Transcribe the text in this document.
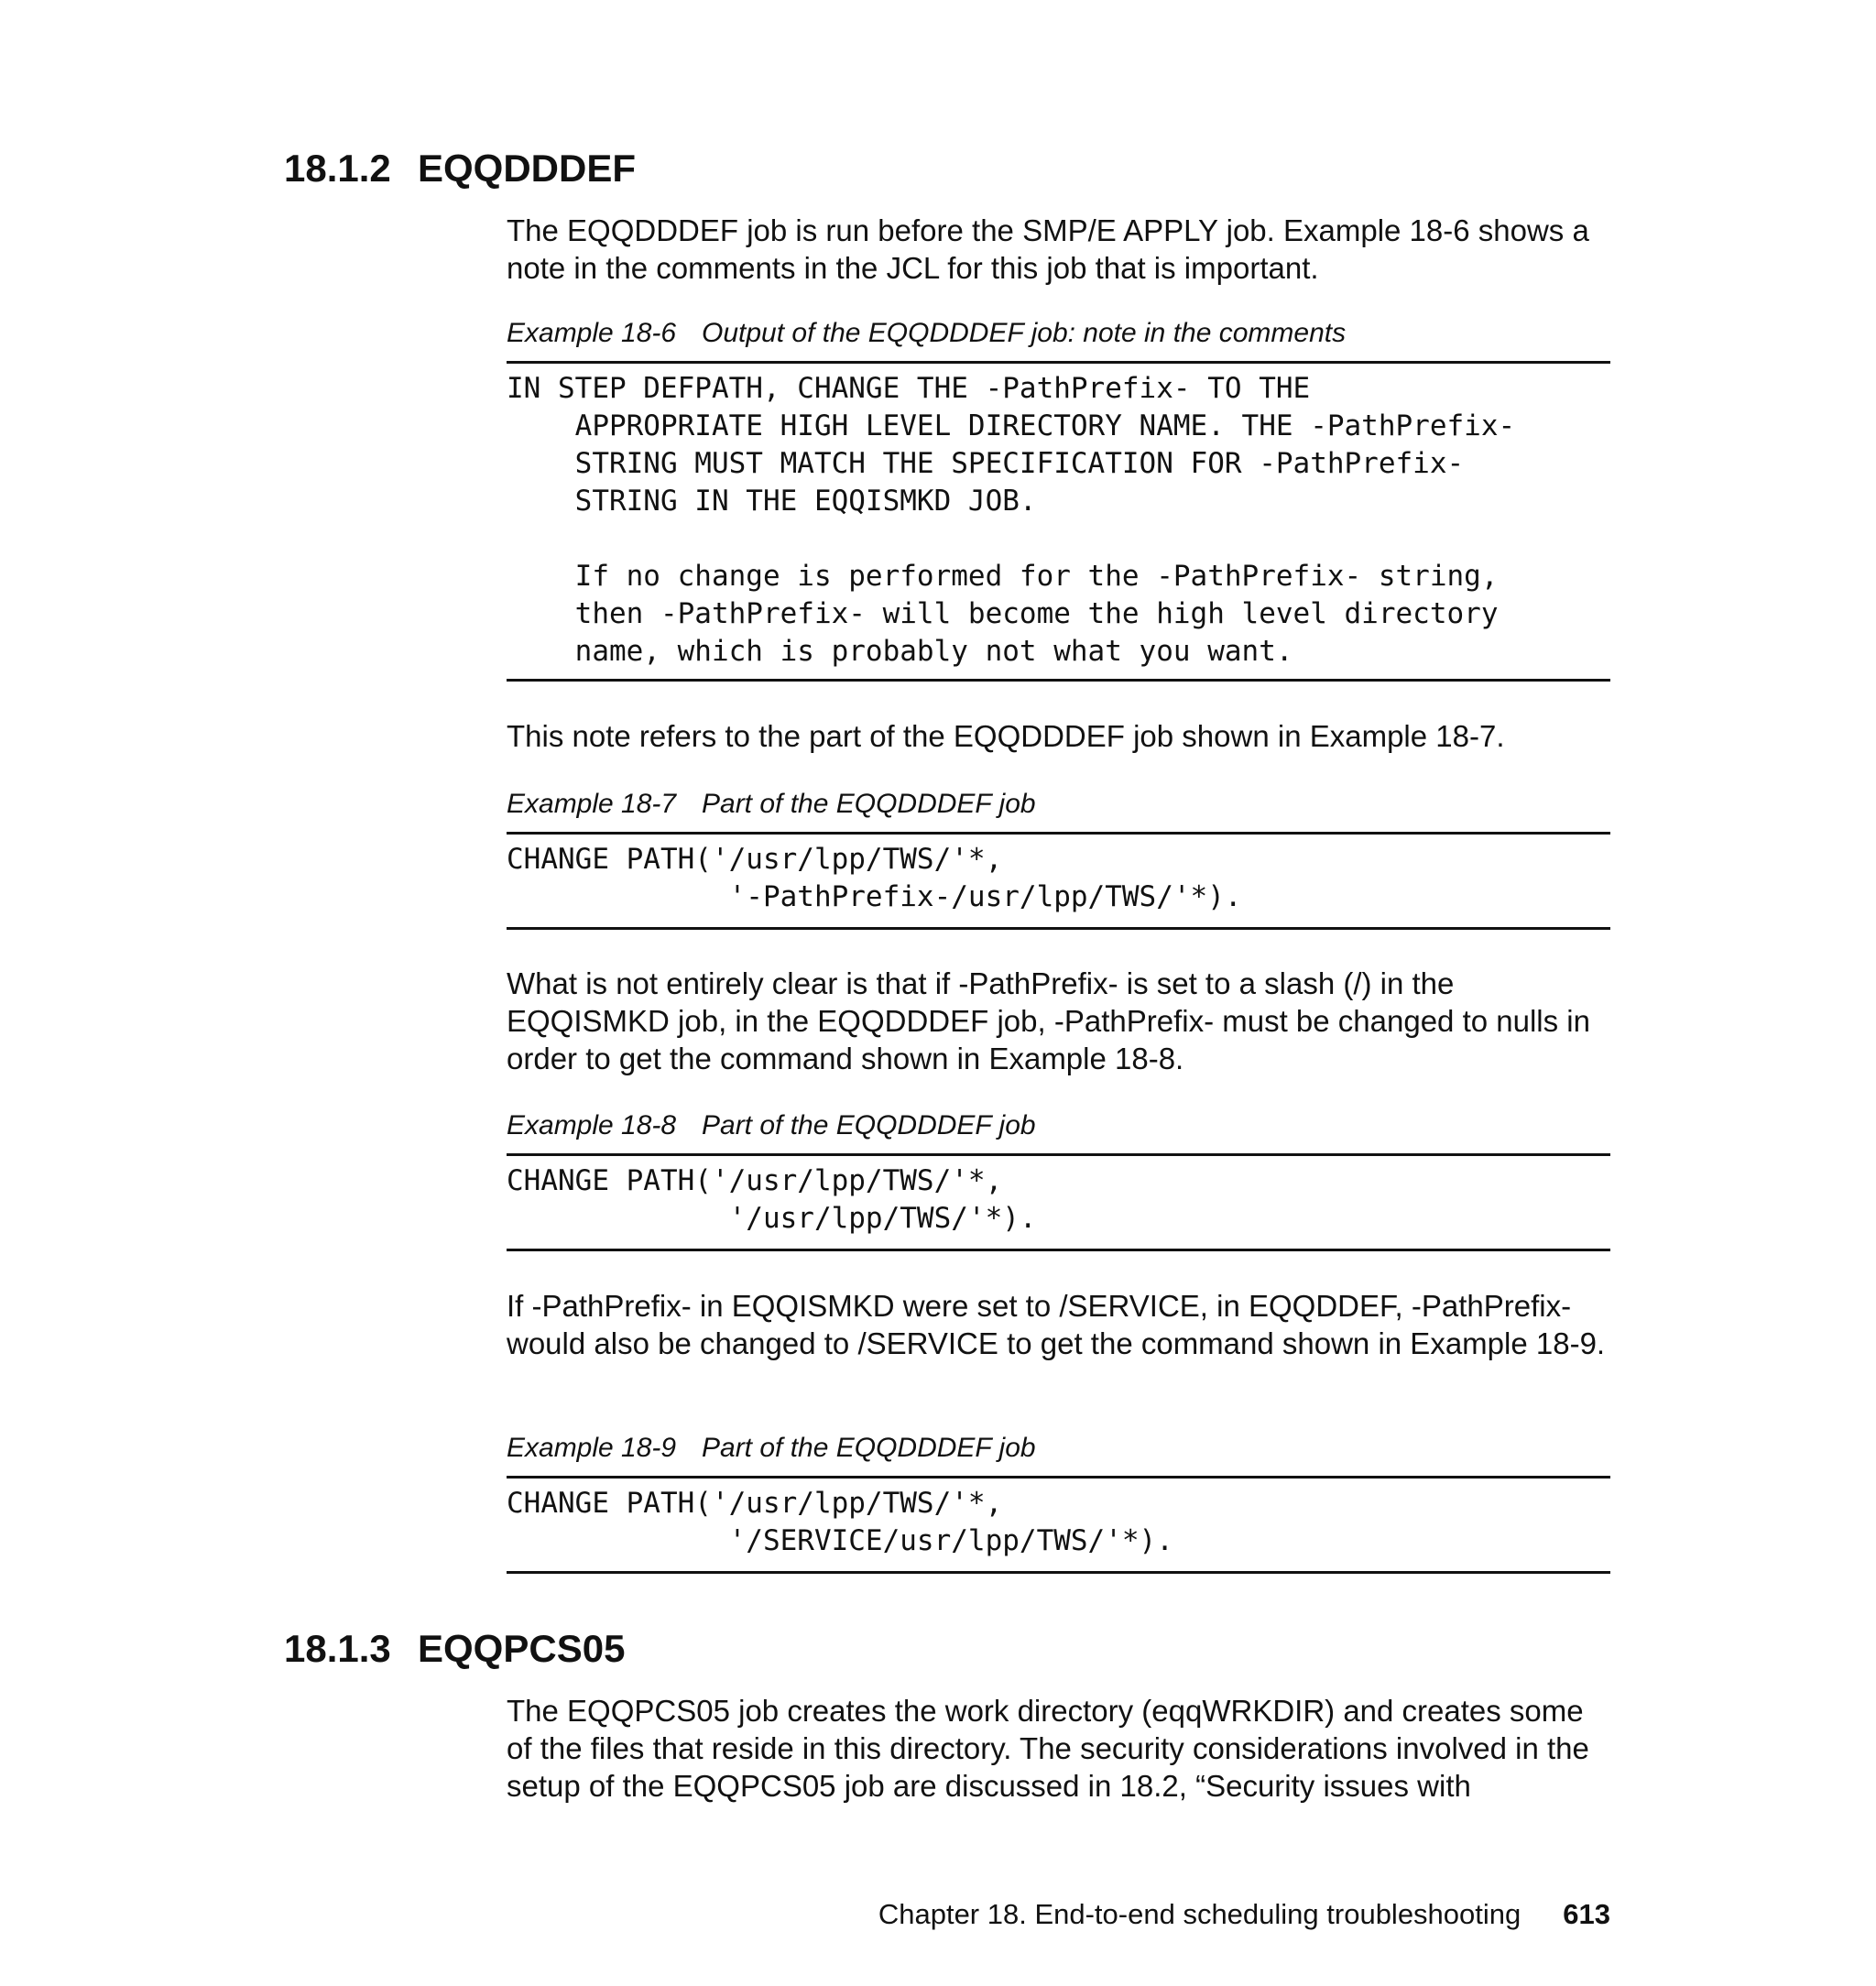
18.1.2 EQQDDDEF

The EQQDDDEF job is run before the SMP/E APPLY job. Example 18-6 shows a note in the comments in the JCL for this job that is important.

Example 18-6 Output of the EQQDDDEF job: note in the comments

IN STEP DEFPATH, CHANGE THE -PathPrefix- TO THE
APPROPRIATE HIGH LEVEL DIRECTORY NAME. THE -PathPrefix-
STRING MUST MATCH THE SPECIFICATION FOR -PathPrefix-
STRING IN THE EQQISMKD JOB.

If no change is performed for the -PathPrefix- string,
then -PathPrefix- will become the high level directory
name, which is probably not what you want.

This note refers to the part of the EQQDDDEF job shown in Example 18-7.

Example 18-7 Part of the EQQDDDEF job

CHANGE PATH('/usr/lpp/TWS/'*,
'-PathPrefix-/usr/lpp/TWS/'*).

What is not entirely clear is that if -PathPrefix- is set to a slash (/) in the EQQISMKD job, in the EQQDDDEF job, -PathPrefix- must be changed to nulls in order to get the command shown in Example 18-8.

Example 18-8 Part of the EQQDDDEF job

CHANGE PATH('/usr/lpp/TWS/'*,
'/usr/lpp/TWS/'*).

If -PathPrefix- in EQQISMKD were set to /SERVICE, in EQQDDEF, -PathPrefix- would also be changed to /SERVICE to get the command shown in Example 18-9.

Example 18-9 Part of the EQQDDDEF job

CHANGE PATH('/usr/lpp/TWS/'*,
'/SERVICE/usr/lpp/TWS/'*).
18.1.3 EQQPCS05

The EQQPCS05 job creates the work directory (eqqWRKDIR) and creates some of the files that reside in this directory. The security considerations involved in the setup of the EQQPCS05 job are discussed in 18.2, “Security issues with

Chapter 18. End-to-end scheduling troubleshooting 613
